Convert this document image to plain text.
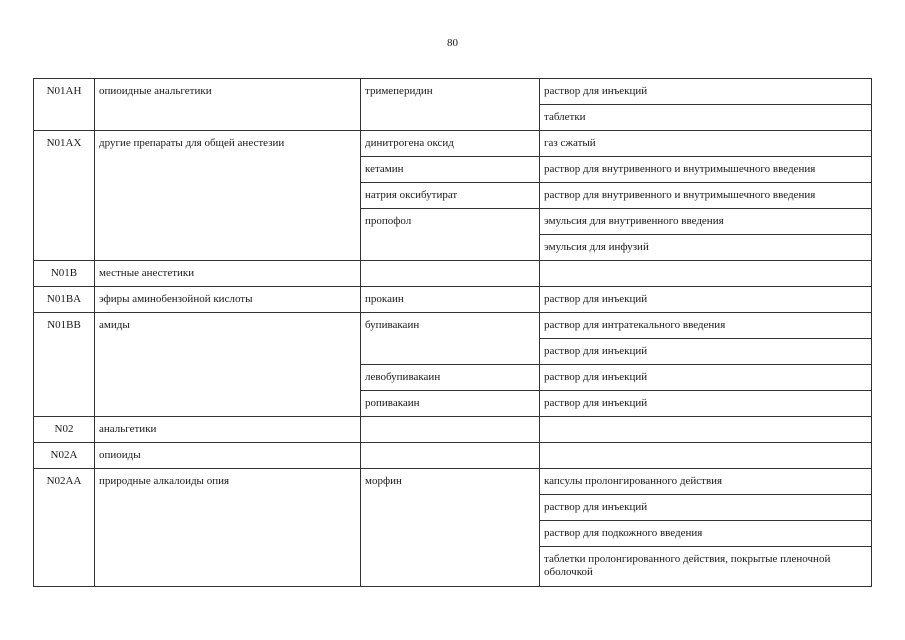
80
N01AH	опиоидные анальгетики	тримеперидин	раствор для инъекций
			таблетки
N01AX	другие препараты для общей анестезии	динитрогена оксид	газ сжатый
		кетамин	раствор для внутривенного и внутримышечного введения
		натрия оксибутират	раствор для внутривенного и внутримышечного введения
		пропофол	эмульсия для внутривенного введения
			эмульсия для инфузий
N01B	местные анестетики		
N01BA	эфиры аминобензойной кислоты	прокаин	раствор для инъекций
N01BB	амиды	бупивакаин	раствор для интратекального введения
			раствор для инъекций
		левобупивакаин	раствор для инъекций
		ропивакаин	раствор для инъекций
N02	анальгетики		
N02A	опиоиды		
N02AA	природные алкалоиды опия	морфин	капсулы пролонгированного действия
			раствор для инъекций
			раствор для подкожного введения
			таблетки пролонгированного действия, покрытые пленочной оболочкой
